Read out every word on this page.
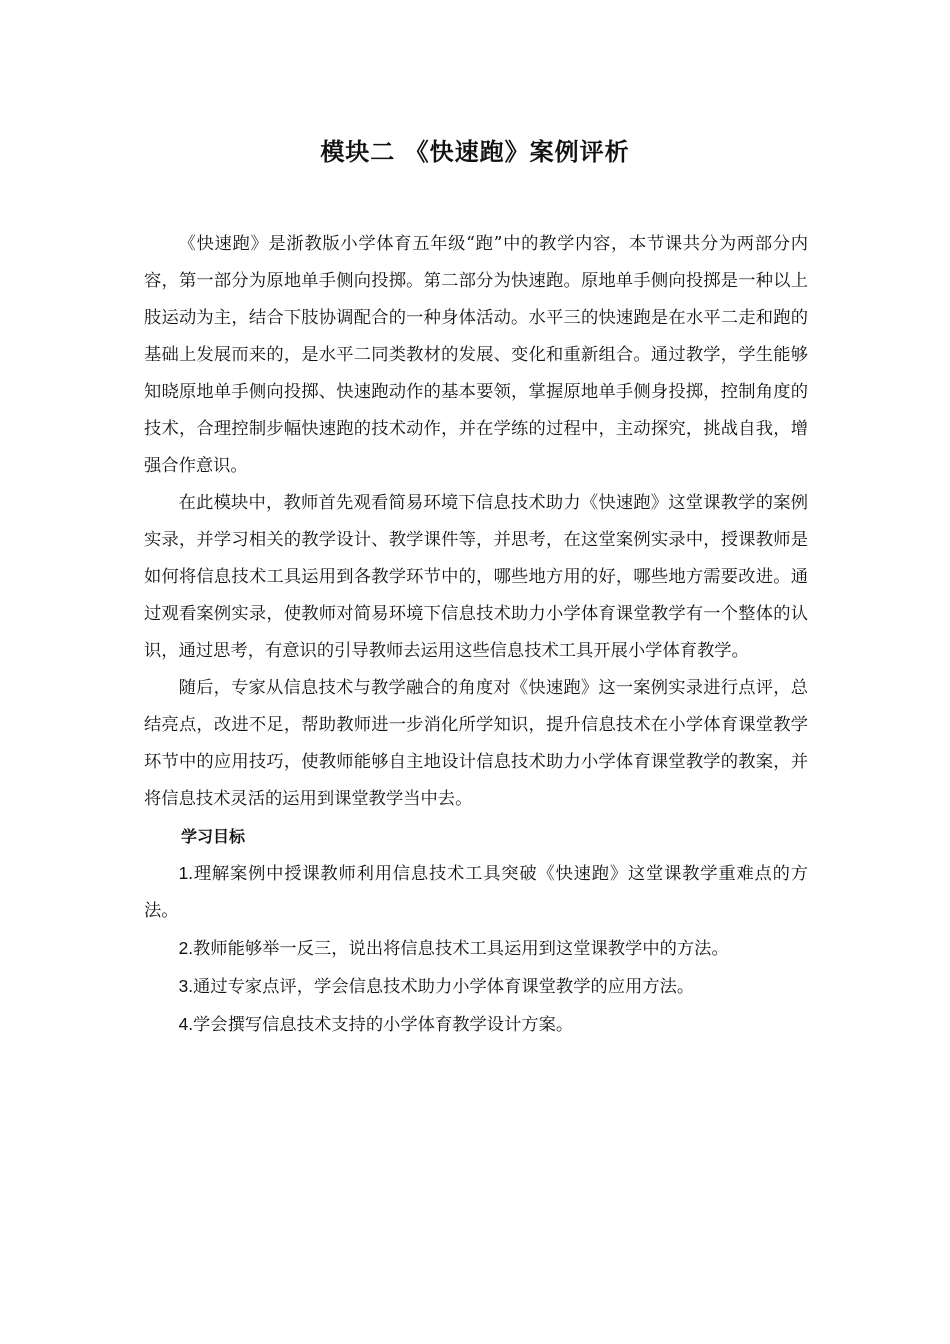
模块二 《快速跑》案例评析

《快速跑》是浙教版小学体育五年级“跑”中的教学内容，本节课共分为两部分内容，第一部分为原地单手侧向投掷。第二部分为快速跑。原地单手侧向投掷是一种以上肢运动为主，结合下肢协调配合的一种身体活动。水平三的快速跑是在水平二走和跑的基础上发展而来的，是水平二同类教材的发展、变化和重新组合。通过教学，学生能够知晓原地单手侧向投掷、快速跑动作的基本要领，掌握原地单手侧身投掷，控制角度的技术，合理控制步幅快速跑的技术动作，并在学练的过程中，主动探究，挑战自我，增强合作意识。

在此模块中，教师首先观看简易环境下信息技术助力《快速跑》这堂课教学的案例实录，并学习相关的教学设计、教学课件等，并思考，在这堂案例实录中，授课教师是如何将信息技术工具运用到各教学环节中的，哪些地方用的好，哪些地方需要改进。通过观看案例实录，使教师对简易环境下信息技术助力小学体育课堂教学有一个整体的认识，通过思考，有意识的引导教师去运用这些信息技术工具开展小学体育教学。

随后，专家从信息技术与教学融合的角度对《快速跑》这一案例实录进行点评，总结亮点，改进不足，帮助教师进一步消化所学知识，提升信息技术在小学体育课堂教学环节中的应用技巧，使教师能够自主地设计信息技术助力小学体育课堂教学的教案，并将信息技术灵活的运用到课堂教学当中去。

学习目标

1.理解案例中授课教师利用信息技术工具突破《快速跑》这堂课教学重难点的方法。

2.教师能够举一反三，说出将信息技术工具运用到这堂课教学中的方法。

3.通过专家点评，学会信息技术助力小学体育课堂教学的应用方法。

4.学会撰写信息技术支持的小学体育教学设计方案。
